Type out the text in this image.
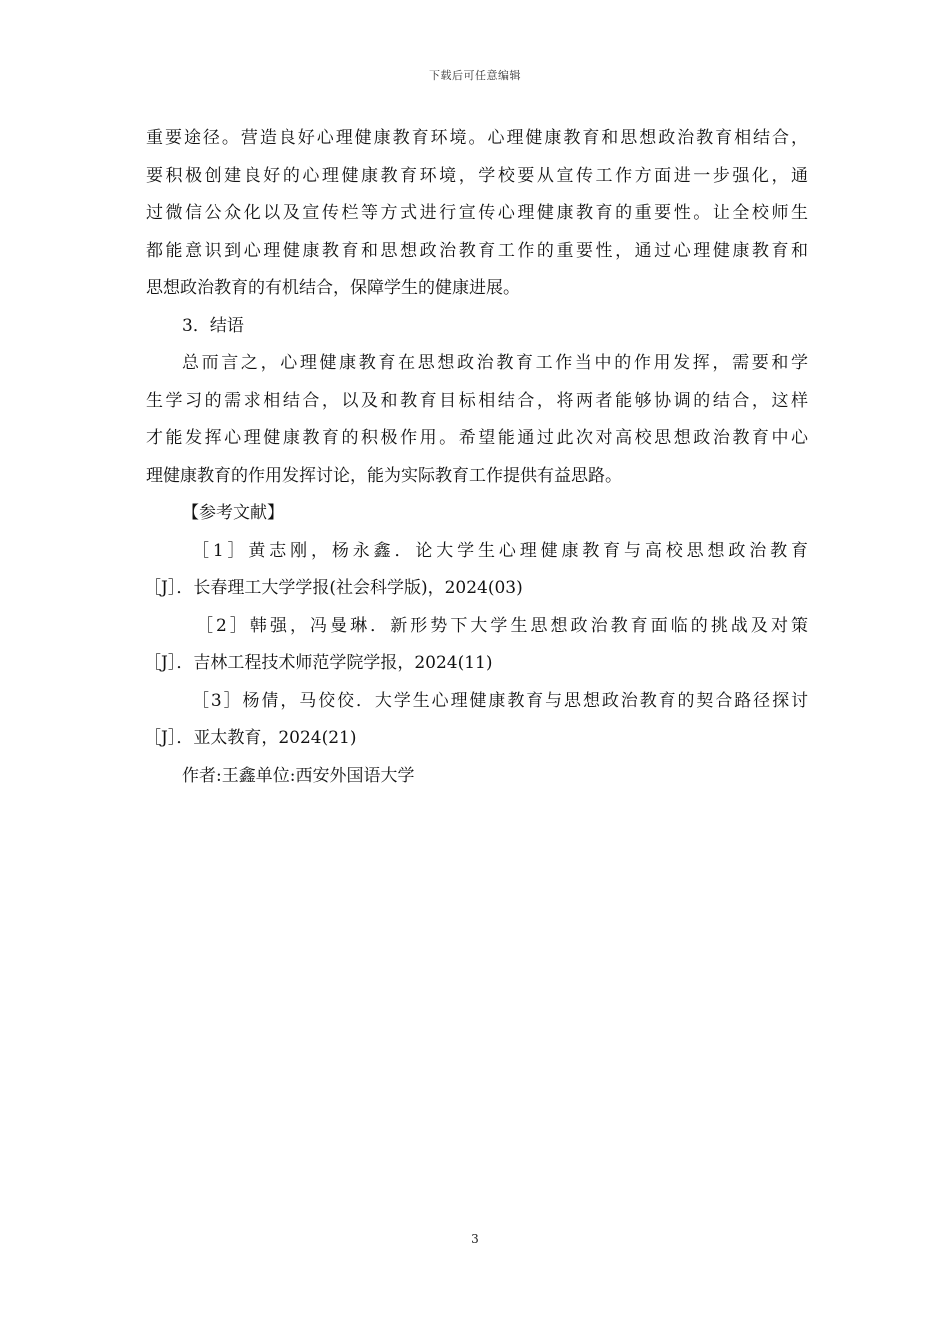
下载后可任意编辑
重要途径。营造良好心理健康教育环境。心理健康教育和思想政治教育相结合，
要积极创建良好的心理健康教育环境，学校要从宣传工作方面进一步强化，通
过微信公众化以及宣传栏等方式进行宣传心理健康教育的重要性。让全校师生
都能意识到心理健康教育和思想政治教育工作的重要性，通过心理健康教育和
思想政治教育的有机结合，保障学生的健康进展。
3．结语
总而言之，心理健康教育在思想政治教育工作当中的作用发挥，需要和学
生学习的需求相结合，以及和教育目标相结合，将两者能够协调的结合，这样
才能发挥心理健康教育的积极作用。希望能通过此次对高校思想政治教育中心
理健康教育的作用发挥讨论，能为实际教育工作提供有益思路。
【参考文献】
［1］黄志刚，杨永鑫．论大学生心理健康教育与高校思想政治教育
［J］．长春理工大学学报(社会科学版)，2024(03)
［2］韩强，冯曼琳．新形势下大学生思想政治教育面临的挑战及对策
［J］．吉林工程技术师范学院学报，2024(11)
［3］杨倩，马佼佼．大学生心理健康教育与思想政治教育的契合路径探讨
［J］．亚太教育，2024(21)
作者:王鑫单位:西安外国语大学
3
